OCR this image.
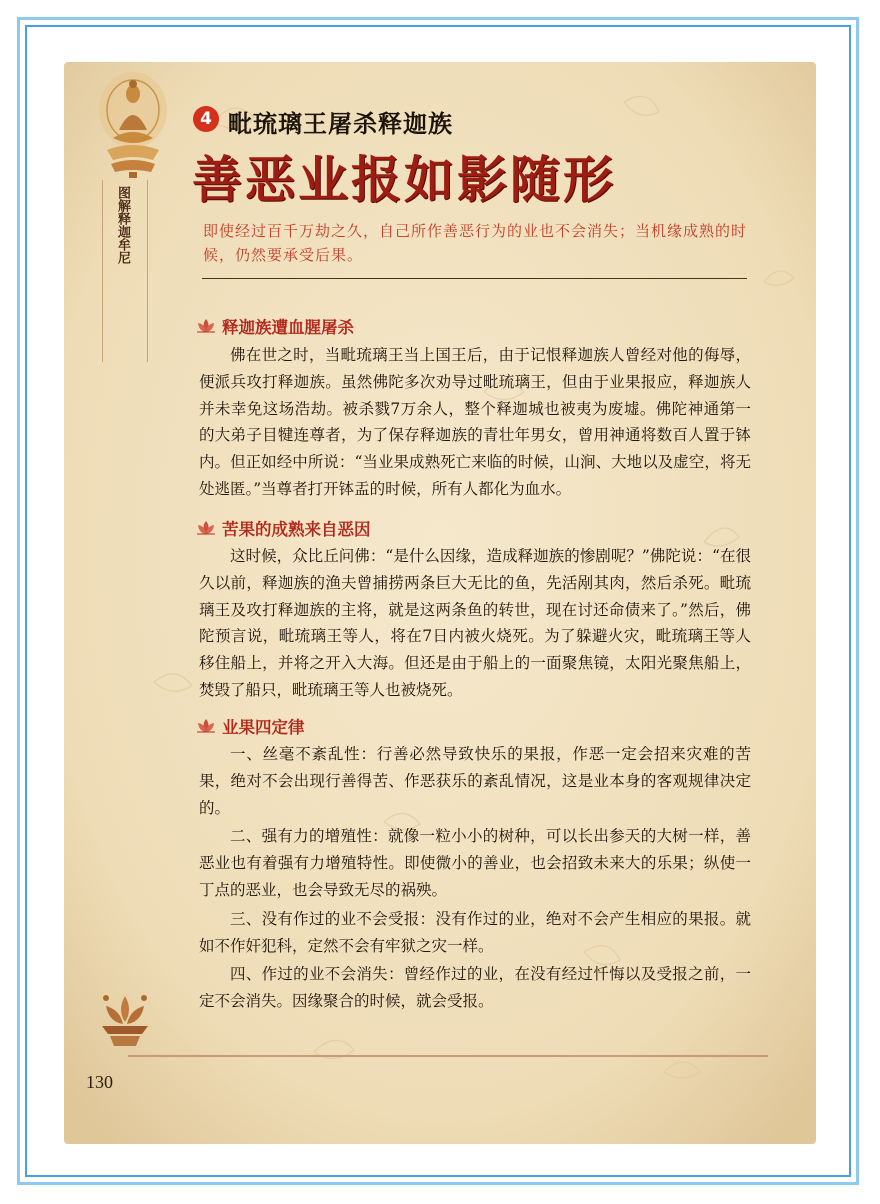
图解释迦牟尼
4 毗琉璃王屠杀释迦族
善恶业报如影随形
即使经过百千万劫之久，自己所作善恶行为的业也不会消失；当机缘成熟的时候，仍然要承受后果。
释迦族遭血腥屠杀

佛在世之时，当毗琉璃王当上国王后，由于记恨释迦族人曾经对他的侮辱，便派兵攻打释迦族。虽然佛陀多次劝导过毗琉璃王，但由于业果报应，释迦族人并未幸免这场浩劫。被杀戮7万余人，整个释迦城也被夷为废墟。佛陀神通第一的大弟子目犍连尊者，为了保存释迦族的青壮年男女，曾用神通将数百人置于钵内。但正如经中所说：“当业果成熟死亡来临的时候，山涧、大地以及虚空，将无处逃匿。”当尊者打开钵盂的时候，所有人都化为血水。

苦果的成熟来自恶因

这时候，众比丘问佛：“是什么因缘，造成释迦族的惨剧呢？”佛陀说：“在很久以前，释迦族的渔夫曾捕捞两条巨大无比的鱼，先活剐其肉，然后杀死。毗琉璃王及攻打释迦族的主将，就是这两条鱼的转世，现在讨还命债来了。”然后，佛陀预言说，毗琉璃王等人，将在7日内被火烧死。为了躲避火灾，毗琉璃王等人移住船上，并将之开入大海。但还是由于船上的一面聚焦镜，太阳光聚焦船上，焚毁了船只，毗琉璃王等人也被烧死。

业果四定律

一、丝毫不紊乱性：行善必然导致快乐的果报，作恶一定会招来灾难的苦果，绝对不会出现行善得苦、作恶获乐的紊乱情况，这是业本身的客观规律决定的。

二、强有力的增殖性：就像一粒小小的树种，可以长出参天的大树一样，善恶业也有着强有力增殖特性。即使微小的善业，也会招致未来大的乐果；纵使一丁点的恶业，也会导致无尽的祸殃。

三、没有作过的业不会受报：没有作过的业，绝对不会产生相应的果报。就如不作奸犯科，定然不会有牢狱之灾一样。

四、作过的业不会消失：曾经作过的业，在没有经过忏悔以及受报之前，一定不会消失。因缘聚合的时候，就会受报。

130
